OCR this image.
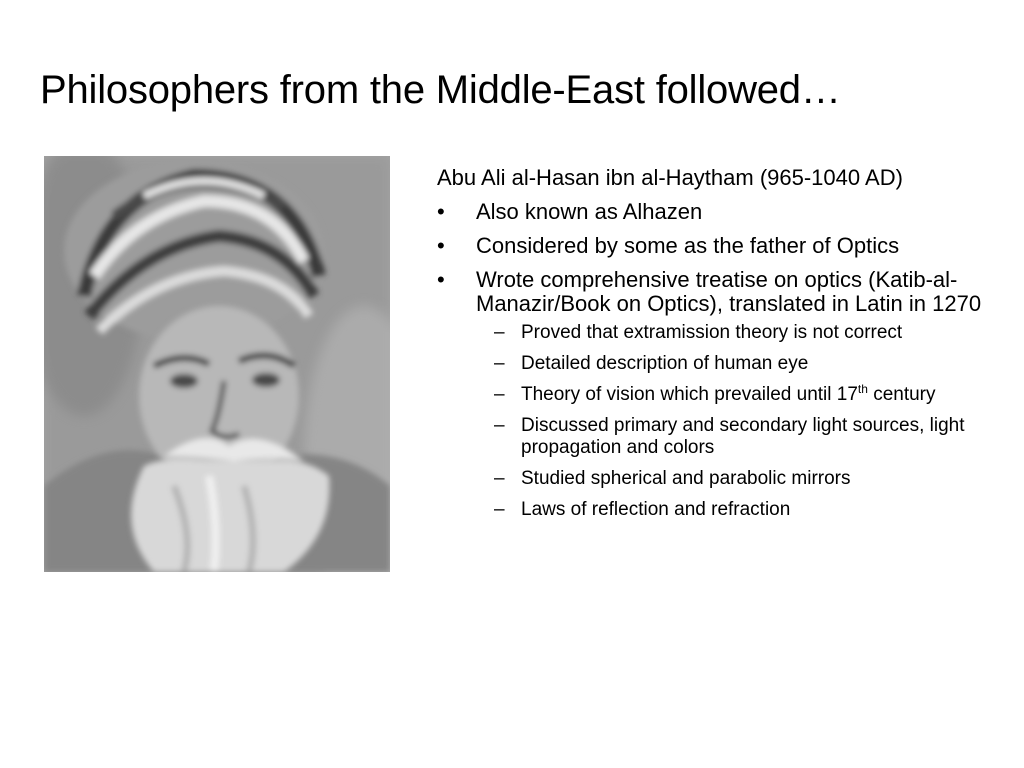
Philosophers from the Middle-East followed…

Abu Ali al-Hasan ibn al-Haytham (965-1040 AD)

• Also known as Alhazen
• Considered by some as the father of Optics
• Wrote comprehensive treatise on optics (Katib-al-Manazir/Book on Optics), translated in Latin in 1270
– Proved that extramission theory is not correct
– Detailed description of human eye
– Theory of vision which prevailed until 17th century
– Discussed primary and secondary light sources, light propagation and colors
– Studied spherical and parabolic mirrors
– Laws of reflection and refraction
